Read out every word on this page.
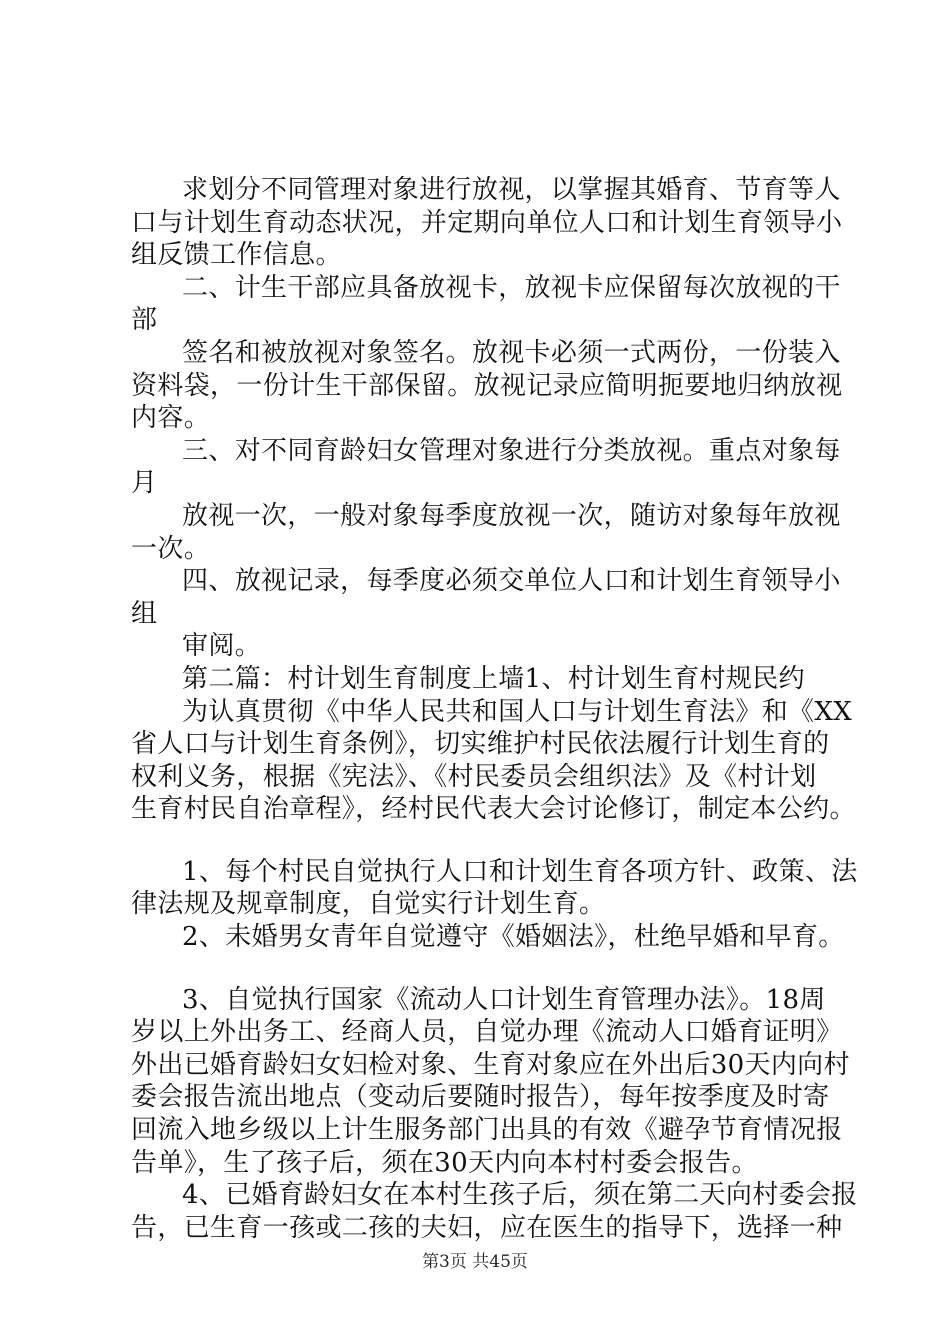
求划分不同管理对象进行放视，以掌握其婚育、节育等人
口与计划生育动态状况，并定期向单位人口和计划生育领导小
组反馈工作信息。
二、计生干部应具备放视卡，放视卡应保留每次放视的干
部
签名和被放视对象签名。放视卡必须一式两份，一份装入
资料袋，一份计生干部保留。放视记录应简明扼要地归纳放视
内容。
三、对不同育龄妇女管理对象进行分类放视。重点对象每
月
放视一次，一般对象每季度放视一次，随访对象每年放视
一次。
四、放视记录，每季度必须交单位人口和计划生育领导小
组
审阅。
第二篇：村计划生育制度上墙1、村计划生育村规民约
为认真贯彻《中华人民共和国人口与计划生育法》和《XX
省人口与计划生育条例》，切实维护村民依法履行计划生育的
权利义务，根据《宪法》、《村民委员会组织法》及《村计划
生育村民自治章程》，经村民代表大会讨论修订，制定本公约。
1、每个村民自觉执行人口和计划生育各项方针、政策、法
律法规及规章制度，自觉实行计划生育。
2、未婚男女青年自觉遵守《婚姻法》，杜绝早婚和早育。
3、自觉执行国家《流动人口计划生育管理办法》。18周
岁以上外出务工、经商人员，自觉办理《流动人口婚育证明》
外出已婚育龄妇女妇检对象、生育对象应在外出后30天内向村
委会报告流出地点（变动后要随时报告），每年按季度及时寄
回流入地乡级以上计生服务部门出具的有效《避孕节育情况报
告单》，生了孩子后，须在30天内向本村村委会报告。
4、已婚育龄妇女在本村生孩子后，须在第二天向村委会报
告，已生育一孩或二孩的夫妇，应在医生的指导下，选择一种
第3页 共45页
